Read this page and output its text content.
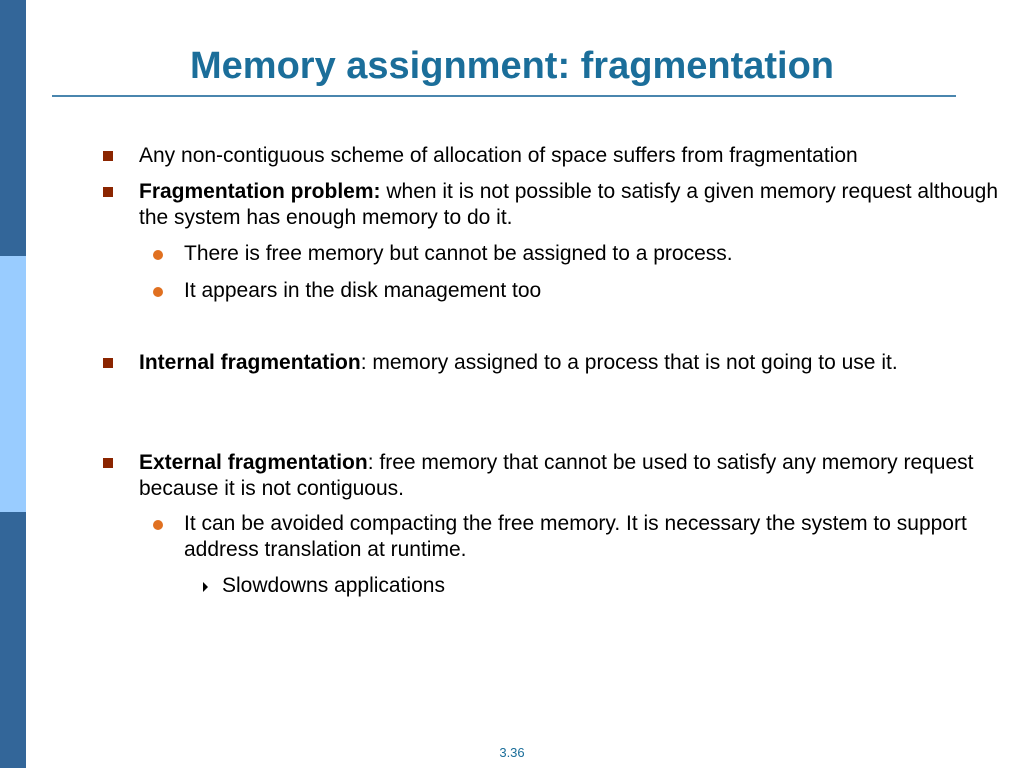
Memory assignment: fragmentation
Any non-contiguous scheme of allocation of space suffers from fragmentation
Fragmentation problem: when it is not possible to satisfy a given memory request although the system has enough memory to do it.
There is free memory but cannot be assigned to a process.
It appears in the disk management too
Internal fragmentation: memory assigned to a process that is not going to use it.
External fragmentation: free memory that cannot be used to satisfy any memory request because it is not contiguous.
It can be avoided compacting the free memory. It is necessary the system to support address translation at runtime.
Slowdowns applications
3.36
